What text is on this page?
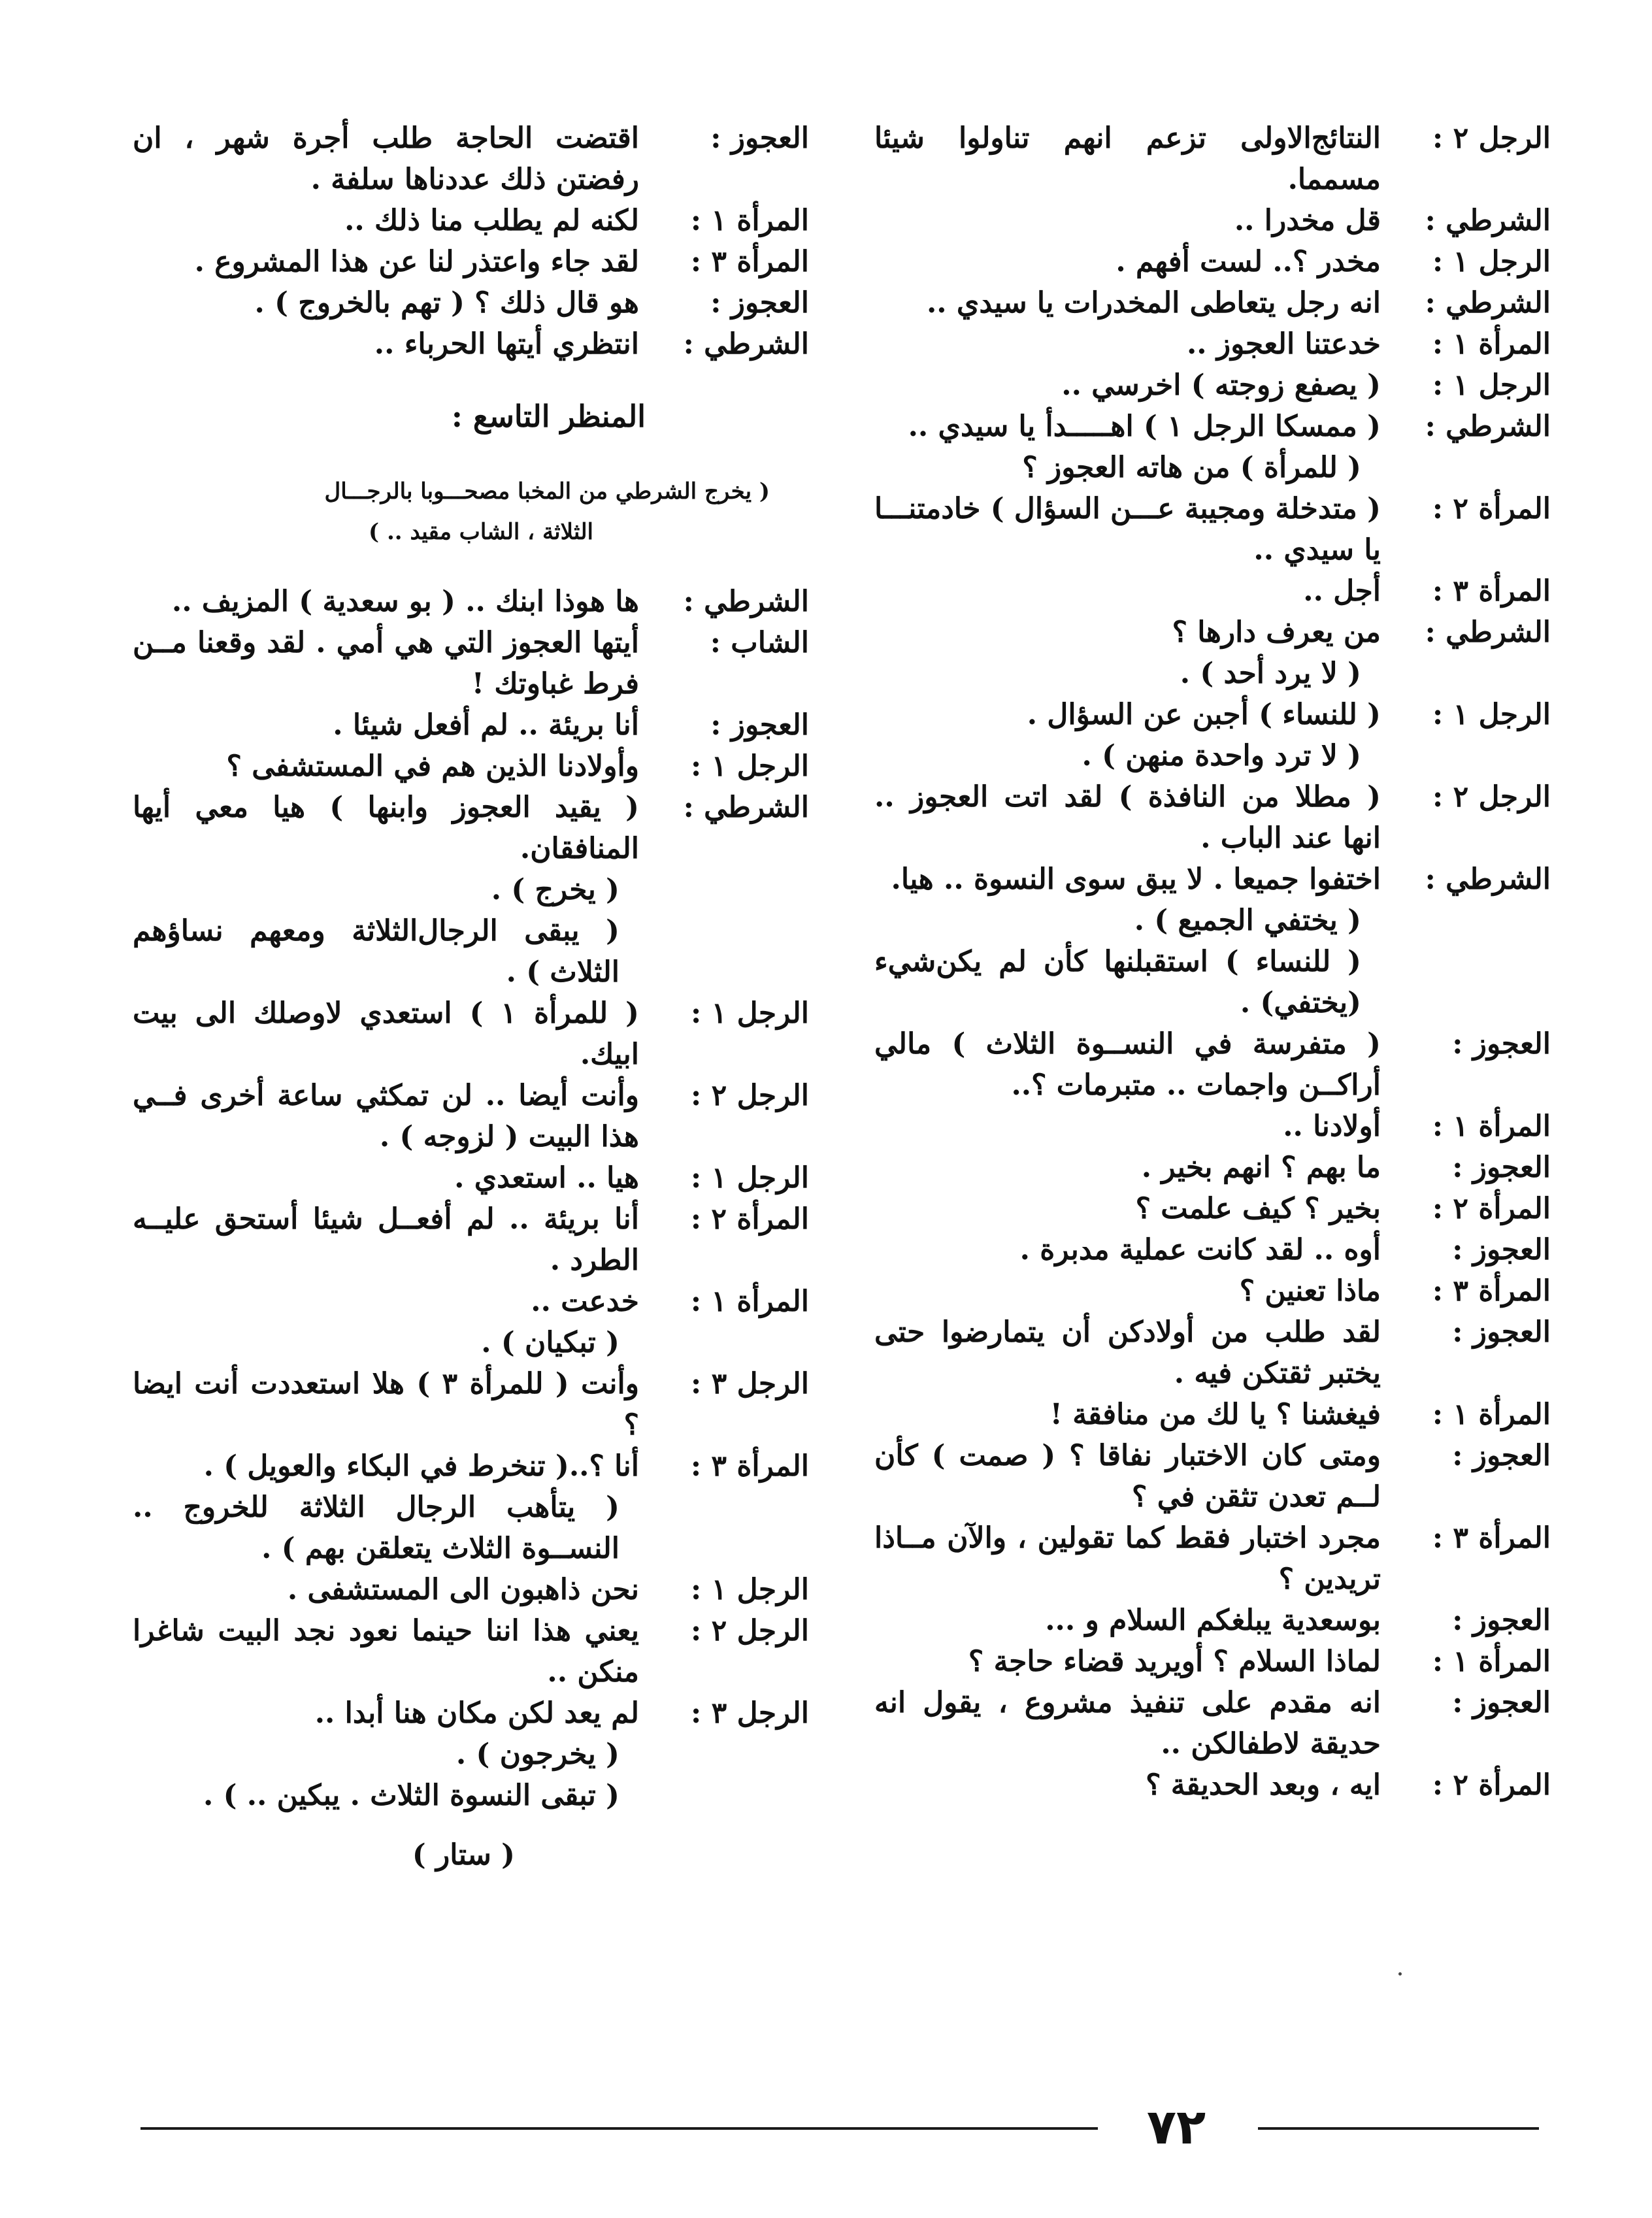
الرجل ٢ :
النتائج‌الاولى تزعم انهم تناولوا شيئا مسمما.
الشرطي :
قل مخدرا ..
الرجل ١ :
مخدر ؟.. لست أفهم .
الشرطي :
انه رجل يتعاطى المخدرات يا سيدي ..
المرأة ١ :
خدعتنا العجوز ..
الرجل ١ :
( يصفع زوجته ) اخرسي ..
الشرطي :
( ممسكا الرجل ١ ) اهـــــدأ يا سيدي ..
( للمرأة ) من هاته العجوز ؟
المرأة ٢ :
( متدخلة ومجيبة عـــن السؤال ) خادمتنـــا يا سيدي ..
المرأة ٣ :
أجل ..
الشرطي :
من يعرف دارها ؟
( لا يرد أحد ) .
الرجل ١ :
( للنساء ) أجبن عن السؤال .
( لا ترد واحدة منهن ) .
الرجل ٢ :
( مطلا من النافذة ) لقد اتت العجوز .. انها عند الباب .
الشرطي :
اختفوا جميعا . لا يبق سوى النسوة .. هيا.
( يختفي الجميع ) .
( للنساء ) استقبلنها كأن لم يكن‌شيء (يختفي) .
العجوز :
( متفرسة في النســوة الثلاث ) مالي أراكــن واجمات .. متبرمات ؟..
المرأة ١ :
أولادنا ..
العجوز :
ما بهم ؟ انهم بخير .
المرأة ٢ :
بخير ؟ كيف علمت ؟
العجوز :
أوه .. لقد كانت عملية مدبرة .
المرأة ٣ :
ماذا تعنين ؟
العجوز :
لقد طلب من أولادكن أن يتمارضوا حتى يختبر ثقتكن فيه .
المرأة ١ :
فيغشنا ؟ يا لك من منافقة !
العجوز :
ومتى كان الاختبار نفاقا ؟ ( صمت ) كأن لــم تعدن تثقن في ؟
المرأة ٣ :
مجرد اختبار فقط كما تقولين ، والآن مــاذا تريدين ؟
العجوز :
بوسعدية يبلغكم السلام و ...
المرأة ١ :
لماذا السلام ؟ أويريد قضاء حاجة ؟
العجوز :
انه مقدم على تنفيذ مشروع ، يقول انه حديقة لاطفالكن ..
المرأة ٢ :
ايه ، وبعد الحديقة ؟
العجوز :
اقتضت الحاجة طلب أجرة شهر ، ان رفضتن ذلك عددناها سلفة .
المرأة ١ :
لكنه لم يطلب منا ذلك ..
المرأة ٣ :
لقد جاء واعتذر لنا عن هذا المشروع .
العجوز :
هو قال ذلك ؟ ( تهم بالخروج ) .
الشرطي :
انتظري أيتها الحرباء ..
المنظر التاسع :
( يخرج الشرطي من المخبا مصحـــوبا بالرجـــال
الثلاثة ، الشاب مقيد .. )
الشرطي :
ها هوذا ابنك .. ( بو سعدية ) المزيف ..
الشاب :
أيتها العجوز التي هي أمي . لقد وقعنا مــن فرط غباوتك !
العجوز :
أنا بريئة .. لم أفعل شيئا .
الرجل ١ :
وأولادنا الذين هم في المستشفى ؟
الشرطي :
( يقيد العجوز وابنها ) هيا معي أيها المنافقان.
( يخرج ) .
( يبقى الرجال‌الثلاثة ومعهم نساؤهم الثلاث ) .
الرجل ١ :
( للمرأة ١ ) استعدي لاوصلك الى بيت ابيك.
الرجل ٢ :
وأنت أيضا .. لن تمكثي ساعة أخرى فــي هذا البيت ( لزوجه ) .
الرجل ١ :
هيا .. استعدي .
المرأة ٢ :
أنا بريئة .. لم أفعــل شيئا أستحق عليــه الطرد .
المرأة ١ :
خدعت ..
( تبكيان ) .
الرجل ٣ :
وأنت ( للمرأة ٣ ) هلا استعددت أنت ايضا ؟
المرأة ٣ :
أنا ؟..( تنخرط في البكاء والعويل ) .
( يتأهب الرجال الثلاثة للخروج .. النســوة الثلاث يتعلقن بهم ) .
الرجل ١ :
نحن ذاهبون الى المستشفى .
الرجل ٢ :
يعني هذا اننا حينما نعود نجد البيت شاغرا منكن ..
الرجل ٣ :
لم يعد لكن مكان هنا أبدا ..
( يخرجون ) .
( تبقى النسوة الثلاث . يبكين .. ) .
( ستار )
٧٢
